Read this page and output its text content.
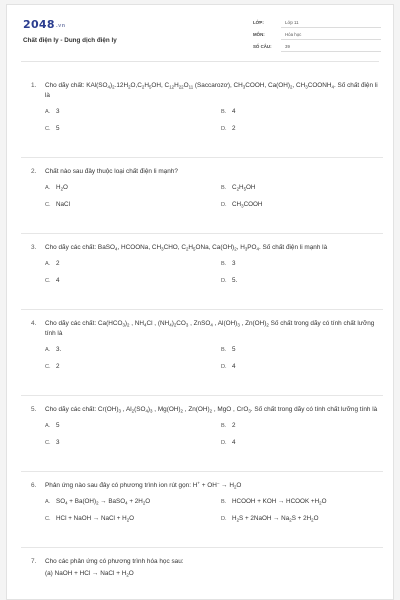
2048.vn
Chất điện ly - Dung dịch điện ly
LỚP:	Lớp 11
MÔN:	Hóa học
SỐ CÂU:	39
1. Cho dãy chất: $KAl(SO_4)_2.12H_2O,C_2H_5OH$, $C_{12}H_{22}O_{11}$ (Saccarozơ), $CH_3COOH$, $Ca(OH)_2$, $CH_3COONH_4$. Số chất điện li là
A. 3	B. 4
C. 5	D. 2
2. Chất nào sau đây thuộc loại chất điện li mạnh?
A. $H_2O$	B. $C_2H_5OH$
C. NaCl	D. $CH_3COOH$
3. Cho dãy các chất: BaSO$_4$, HCOONa, $CH_3CHO$, $C_2H_5ONa$, $Ca(OH)_2$, $H_3PO_4$. Số chất điện li mạnh là
A. 2	B. 3
C. 4	D. 5.
4. Cho dãy các chất: $Ca(HCO_3)_2$ , $NH_4Cl$ , $(NH_4)_2CO_3$ , ZnSO$_4$ , $Al(OH)_3$ , $Zn(OH)_2$ Số chất trong dãy có tính chất lưỡng tính là
A. 3.	B. 5
C. 2	D. 4
5. Cho dãy các chất: $Cr(OH)_3$ , $Al_2(SO_4)_3$ , $Mg(OH)_2$ , $Zn(OH)_2$ , MgO , CrO$_3$. Số chất trong dãy có tính chất lưỡng tính là
A. 5	B. 2
C. 3	D. 4
6. Phản ứng nào sau đây có phương trình ion rút gọn: $H^+ + OH^- \to H_2O$
A. $SO_4 + Ba(OH)_2$ → BaSO$_4$ + $2H_2O$	B. HCOOH + KOH → HCOOK $+H_2O$
C. HCl + NaOH → NaCl + $H_2O$	D. $H_2S$ + 2NaOH → $Na_2S + 2H_2O$
7. Cho các phản ứng có phương trình hóa học sau:
(a) NaOH + HCl → NaCl + $H_2O$
